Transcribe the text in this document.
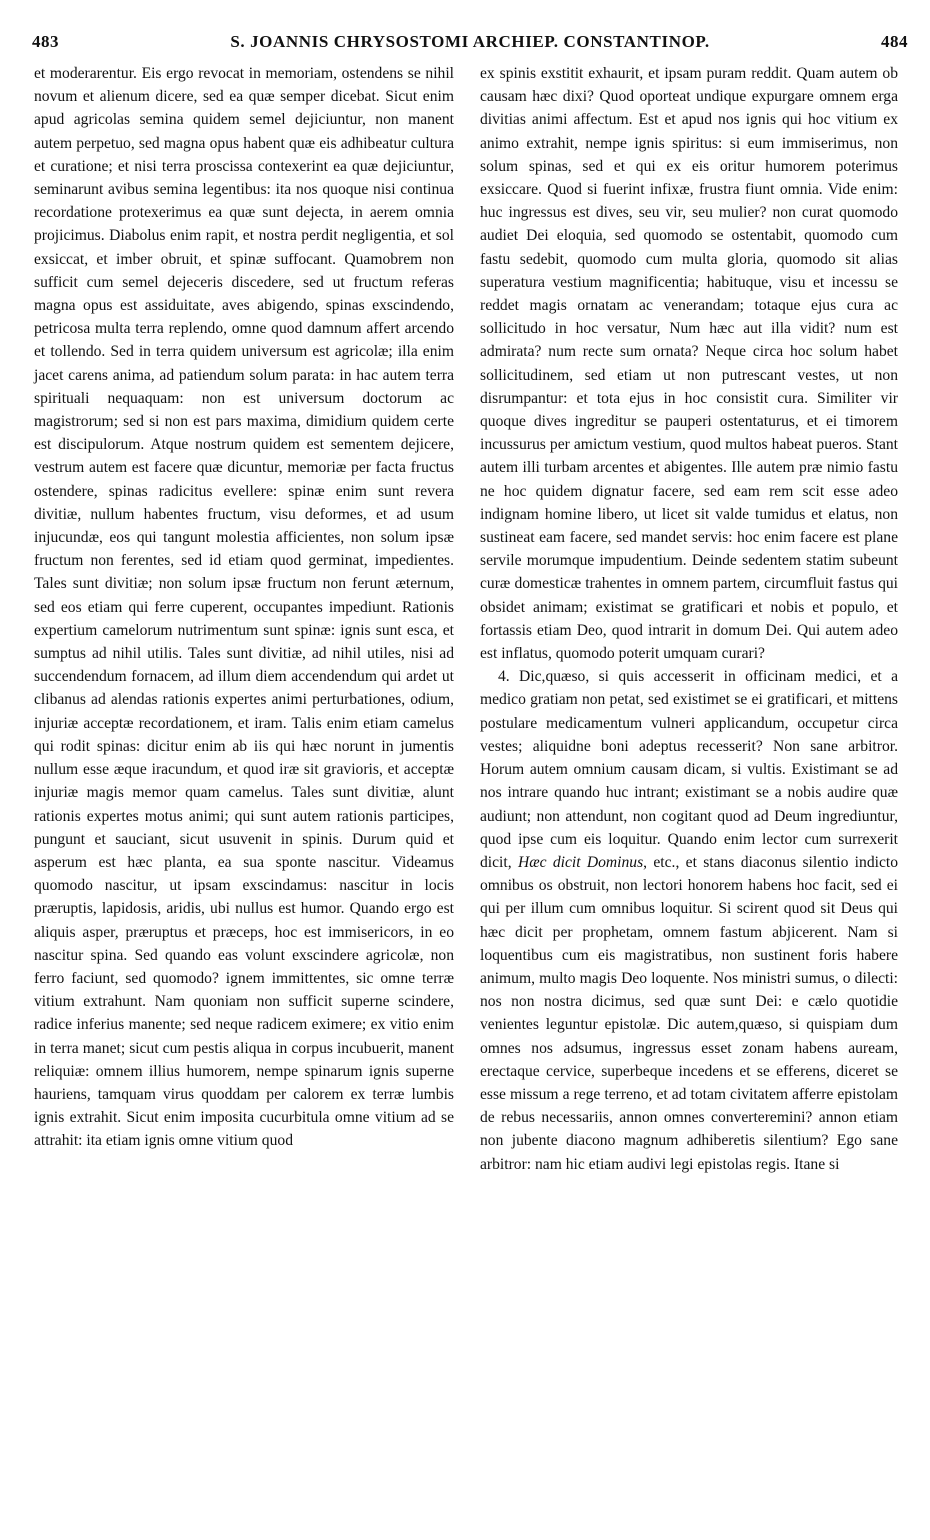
483	S. JOANNIS CHRYSOSTOMI ARCHIEP. CONSTANTINOP.	484

et moderarentur. Eis ergo revocat in memoriam, ostendens se nihil novum et alienum dicere, sed ea quæ semper dicebat. Sicut enim apud agricolas semina quidem semel dejiciuntur, non manent autem perpetuo, sed magna opus habent quæ eis adhibeatur cultura et curatione; et nisi terra proscissa contexerint ea quæ dejiciuntur, seminarunt avibus semina legentibus: ita nos quoque nisi continua recordatione protexerimus ea quæ sunt dejecta, in aerem omnia projicimus. Diabolus enim rapit, et nostra perdit negligentia, et sol exsiccat, et imber obruit, et spinæ suffocant. Quamobrem non sufficit cum semel dejeceris discedere, sed ut fructum referas magna opus est assiduitate, aves abigendo, spinas exscindendo, petricosa multa terra replendo, omne quod damnum affert arcendo et tollendo. Sed in terra quidem universum est agricolæ; illa enim jacet carens anima, ad patiendum solum parata: in hac autem terra spirituali nequaquam: non est universum doctorum ac magistrorum; sed si non est pars maxima, dimidium quidem certe est discipulorum. Atque nostrum quidem est sementem dejicere, vestrum autem est facere quæ dicuntur, memoriæ per facta fructus ostendere, spinas radicitus evellere: spinæ enim sunt revera divitiæ, nullum habentes fructum, visu deformes, et ad usum injucundæ, eos qui tangunt molestia afficientes, non solum ipsæ fructum non ferentes, sed id etiam quod germinat, impedientes. Tales sunt divitiæ; non solum ipsæ fructum non ferunt æternum, sed eos etiam qui ferre cuperent, occupantes impediunt. Rationis expertium camelorum nutrimentum sunt spinæ: ignis sunt esca, et sumptus ad nihil utilis. Tales sunt divitiæ, ad nihil utiles, nisi ad succendendum fornacem, ad illum diem accendendum qui ardet ut clibanus ad alendas rationis expertes animi perturbationes, odium, injuriæ acceptæ recordationem, et iram. Talis enim etiam camelus qui rodit spinas: dicitur enim ab iis qui hæc norunt in jumentis nullum esse æque iracundum, et quod iræ sit gravioris, et acceptæ injuriæ magis memor quam camelus. Tales sunt divitiæ, alunt rationis expertes motus animi; qui sunt autem rationis participes, pungunt et sauciant, sicut usuvenit in spinis. Durum quid et asperum est hæc planta, ea sua sponte nascitur. Videamus quomodo nascitur, ut ipsam exscindamus: nascitur in locis præruptis, lapidosis, aridis, ubi nullus est humor. Quando ergo est aliquis asper, præruptus et præceps, hoc est immisericors, in eo nascitur spina. Sed quando eas volunt exscindere agricolæ, non ferro faciunt, sed quomodo? ignem immittentes, sic omne terræ vitium extrahunt. Nam quoniam non sufficit superne scindere, radice inferius manente; sed neque radicem eximere; ex vitio enim in terra manet; sicut cum pestis aliqua in corpus incubuerit, manent reliquiæ: omnem illius humorem, nempe spinarum ignis superne hauriens, tamquam virus quoddam per calorem ex terræ lumbis ignis extrahit. Sicut enim imposita cucurbitula omne vitium ad se attrahit: ita etiam ignis omne vitium quod

ex spinis exstitit exhaurit, et ipsam puram reddit. Quam autem ob causam hæc dixi? Quod oporteat undique expurgare omnem erga divitias animi affectum. Est et apud nos ignis qui hoc vitium ex animo extrahit, nempe ignis spiritus: si eum immiserimus, non solum spinas, sed et qui ex eis oritur humorem poterimus exsiccare. Quod si fuerint infixæ, frustra fiunt omnia. Vide enim: huc ingressus est dives, seu vir, seu mulier? non curat quomodo audiet Dei eloquia, sed quomodo se ostentabit, quomodo cum fastu sedebit, quomodo cum multa gloria, quomodo sit alias superatura vestium magnificentia; habituque, visu et incessu se reddet magis ornatam ac venerandam; totaque ejus cura ac sollicitudo in hoc versatur, Num hæc aut illa vidit? num est admirata? num recte sum ornata? Neque circa hoc solum habet sollicitudinem, sed etiam ut non putrescant vestes, ut non disrumpantur: et tota ejus in hoc consistit cura. Similiter vir quoque dives ingreditur se pauperi ostentaturus, et ei timorem incussurus per amictum vestium, quod multos habeat pueros. Stant autem illi turbam arcentes et abigentes. Ille autem præ nimio fastu ne hoc quidem dignatur facere, sed eam rem scit esse adeo indignam homine libero, ut licet sit valde tumidus et elatus, non sustineat eam facere, sed mandet servis: hoc enim facere est plane servile morumque impudentium. Deinde sedentem statim subeunt curæ domesticæ trahentes in omnem partem, circumfluit fastus qui obsidet animam; existimat se gratificari et nobis et populo, et fortassis etiam Deo, quod intrarit in domum Dei. Qui autem adeo est inflatus, quomodo poterit umquam curari?

4. Dic,quæso, si quis accesserit in officinam medici, et a medico gratiam non petat, sed existimet se ei gratificari, et mittens postulare medicamentum vulneri applicandum, occupetur circa vestes; aliquidne boni adeptus recesserit? Non sane arbitror. Horum autem omnium causam dicam, si vultis. Existimant se ad nos intrare quando huc intrant; existimant se a nobis audire quæ audiunt; non attendunt, non cogitant quod ad Deum ingrediuntur, quod ipse cum eis loquitur. Quando enim lector cum surrexerit dicit, Hæc dicit Dominus, etc., et stans diaconus silentio indicto omnibus os obstruit, non lectori honorem habens hoc facit, sed ei qui per illum cum omnibus loquitur. Si scirent quod sit Deus qui hæc dicit per prophetam, omnem fastum abjicerent. Nam si loquentibus cum eis magistratibus, non sustinent foris habere animum, multo magis Deo loquente. Nos ministri sumus, o dilecti: nos non nostra dicimus, sed quæ sunt Dei: e cælo quotidie venientes leguntur epistolæ. Dic autem,quæso, si quispiam dum omnes nos adsumus, ingressus esset zonam habens auream, erectaque cervice, superbeque incedens et se efferens, diceret se esse missum a rege terreno, et ad totam civitatem afferre epistolam de rebus necessariis, annon omnes converteremini? annon etiam non jubente diacono magnum adhiberetis silentium? Ego sane arbitror: nam hic etiam audivi legi epistolas regis. Itane si
